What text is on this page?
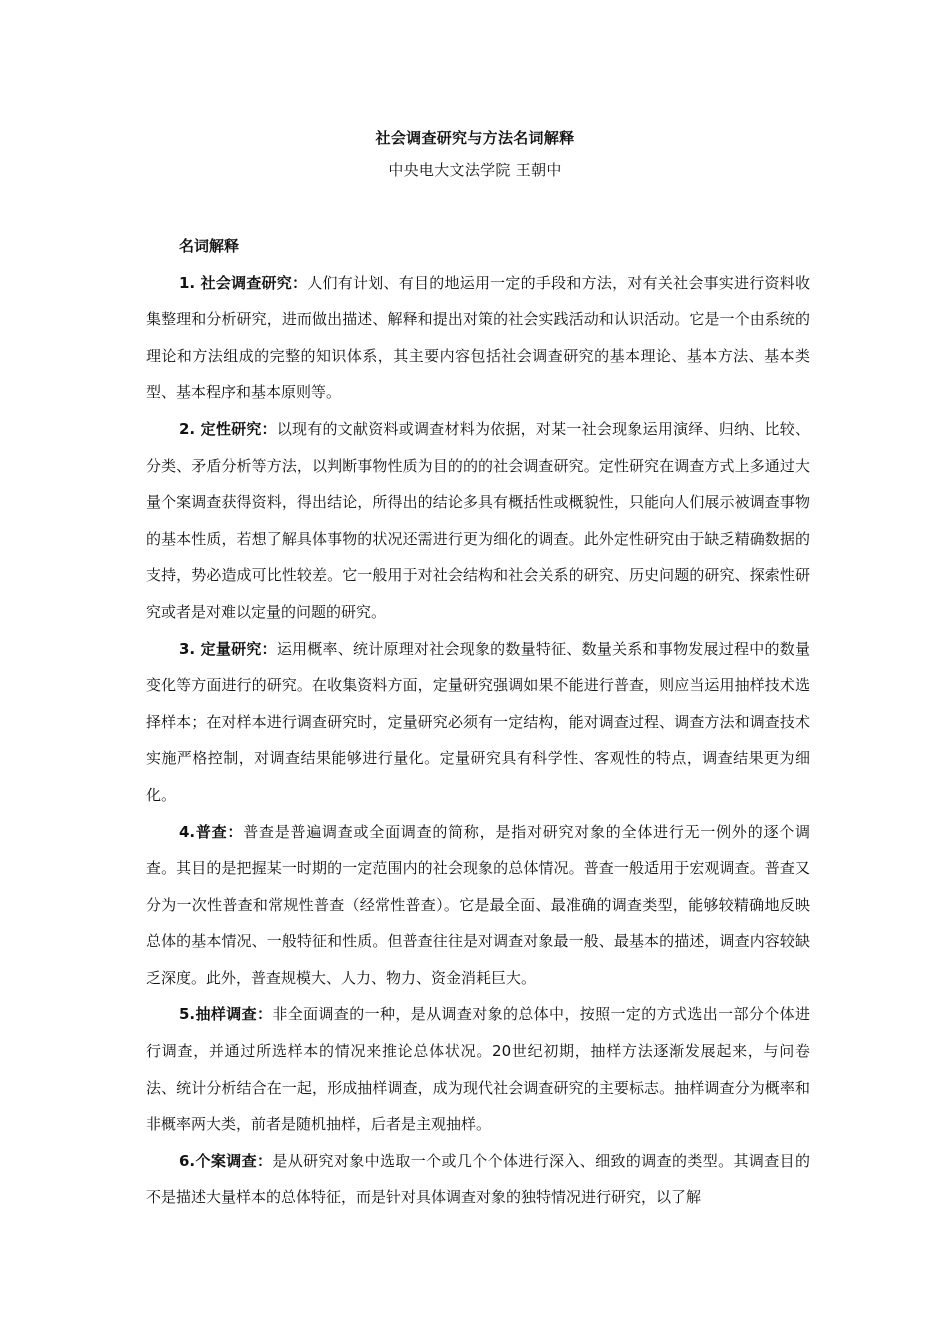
社会调查研究与方法名词解释
中央电大文法学院 王朝中

名词解释

1. 社会调查研究：人们有计划、有目的地运用一定的手段和方法，对有关社会事实进行资料收集整理和分析研究，进而做出描述、解释和提出对策的社会实践活动和认识活动。它是一个由系统的理论和方法组成的完整的知识体系，其主要内容包括社会调查研究的基本理论、基本方法、基本类型、基本程序和基本原则等。

2. 定性研究：以现有的文献资料或调查材料为依据，对某一社会现象运用演绎、归纳、比较、分类、矛盾分析等方法，以判断事物性质为目的的的社会调查研究。定性研究在调查方式上多通过大量个案调查获得资料，得出结论，所得出的结论多具有概括性或概貌性，只能向人们展示被调查事物的基本性质，若想了解具体事物的状况还需进行更为细化的调查。此外定性研究由于缺乏精确数据的支持，势必造成可比性较差。它一般用于对社会结构和社会关系的研究、历史问题的研究、探索性研究或者是对难以定量的问题的研究。

3. 定量研究：运用概率、统计原理对社会现象的数量特征、数量关系和事物发展过程中的数量变化等方面进行的研究。在收集资料方面，定量研究强调如果不能进行普查，则应当运用抽样技术选择样本；在对样本进行调查研究时，定量研究必须有一定结构，能对调查过程、调查方法和调查技术实施严格控制，对调查结果能够进行量化。定量研究具有科学性、客观性的特点，调查结果更为细化。

4.普查：普查是普遍调查或全面调查的简称，是指对研究对象的全体进行无一例外的逐个调查。其目的是把握某一时期的一定范围内的社会现象的总体情况。普查一般适用于宏观调查。普查又分为一次性普查和常规性普查（经常性普查）。它是最全面、最准确的调查类型，能够较精确地反映总体的基本情况、一般特征和性质。但普查往往是对调查对象最一般、最基本的描述，调查内容较缺乏深度。此外，普查规模大、人力、物力、资金消耗巨大。

5.抽样调查：非全面调查的一种，是从调查对象的总体中，按照一定的方式选出一部分个体进行调查，并通过所选样本的情况来推论总体状况。20世纪初期，抽样方法逐渐发展起来，与问卷法、统计分析结合在一起，形成抽样调查，成为现代社会调查研究的主要标志。抽样调查分为概率和非概率两大类，前者是随机抽样，后者是主观抽样。

6.个案调查：是从研究对象中选取一个或几个个体进行深入、细致的调查的类型。其调查目的不是描述大量样本的总体特征，而是针对具体调查对象的独特情况进行研究，以了解
